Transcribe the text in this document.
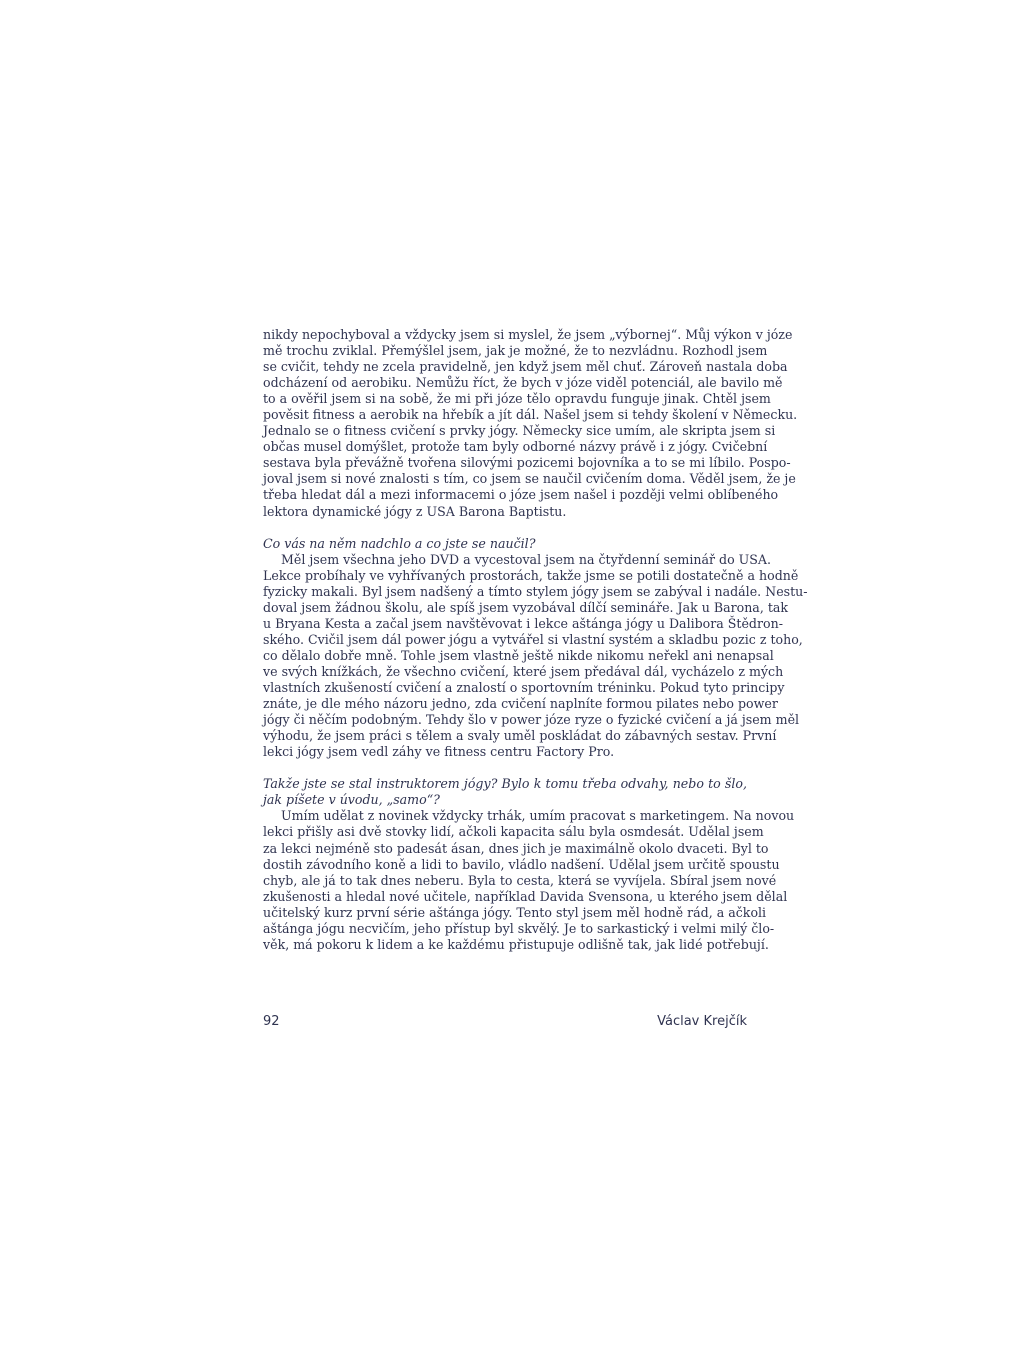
nikdy nepochyboval a vždycky jsem si myslel, že jsem „výbornej“. Můj výkon v józe
mě trochu zviklal. Přemýšlel jsem, jak je možné, že to nezvládnu. Rozhodl jsem
se cvičit, tehdy ne zcela pravidelně, jen když jsem měl chuť. Zároveň nastala doba
odcházení od aerobiku. Nemůžu říct, že bych v józe viděl potenciál, ale bavilo mě
to a ověřil jsem si na sobě, že mi při józe tělo opravdu funguje jinak. Chtěl jsem
pověsit fitness a aerobik na hřebík a jít dál. Našel jsem si tehdy školení v Německu.
Jednalo se o fitness cvičení s prvky jógy. Německy sice umím, ale skripta jsem si
občas musel domýšlet, protože tam byly odborné názvy právě i z jógy. Cvičební
sestava byla převážně tvořena silovými pozicemi bojovníka a to se mi líbilo. Pospo-
joval jsem si nové znalosti s tím, co jsem se naučil cvičením doma. Věděl jsem, že je
třeba hledat dál a mezi informacemi o józe jsem našel i později velmi oblíbeného
lektora dynamické jógy z USA Barona Baptistu.
Co vás na něm nadchlo a co jste se naučil?
Měl jsem všechna jeho DVD a vycestoval jsem na čtyřdenní seminář do USA.
Lekce probíhaly ve vyhřívaných prostorách, takže jsme se potili dostatečně a hodně
fyzicky makali. Byl jsem nadšený a tímto stylem jógy jsem se zabýval i nadále. Nestu-
doval jsem žádnou školu, ale spíš jsem vyzobával dílčí semináře. Jak u Barona, tak
u Bryana Kesta a začal jsem navštěvovat i lekce aštánga jógy u Dalibora Štědron-
ského. Cvičil jsem dál power jógu a vytvářel si vlastní systém a skladbu pozic z toho,
co dělalo dobře mně. Tohle jsem vlastně ještě nikde nikomu neřekl ani nenapsal
ve svých knížkách, že všechno cvičení, které jsem předával dál, vycházelo z mých
vlastních zkušeností cvičení a znalostí o sportovním tréninku. Pokud tyto principy
znáte, je dle mého názoru jedno, zda cvičení naplníte formou pilates nebo power
jógy či něčím podobným. Tehdy šlo v power józe ryze o fyzické cvičení a já jsem měl
výhodu, že jsem práci s tělem a svaly uměl poskládat do zábavných sestav. První
lekci jógy jsem vedl záhy ve fitness centru Factory Pro.
Takže jste se stal instruktorem jógy? Bylo k tomu třeba odvahy, nebo to šlo,
jak píšete v úvodu, „samo“?
Umím udělat z novinek vždycky trhák, umím pracovat s marketingem. Na novou
lekci přišly asi dvě stovky lidí, ačkoli kapacita sálu byla osmdesát. Udělal jsem
za lekci nejméně sto padesát ásan, dnes jich je maximálně okolo dvaceti. Byl to
dostih závodního koně a lidi to bavilo, vládlo nadšení. Udělal jsem určitě spoustu
chyb, ale já to tak dnes neberu. Byla to cesta, která se vyvíjela. Sbíral jsem nové
zkušenosti a hledal nové učitele, například Davida Svensona, u kterého jsem dělal
učitelský kurz první série aštánga jógy. Tento styl jsem měl hodně rád, a ačkoli
aštánga jógu necvičím, jeho přístup byl skvělý. Je to sarkastický i velmi milý člo-
věk, má pokoru k lidem a ke každému přistupuje odlišně tak, jak lidé potřebují.
92	Václav Krejčík
